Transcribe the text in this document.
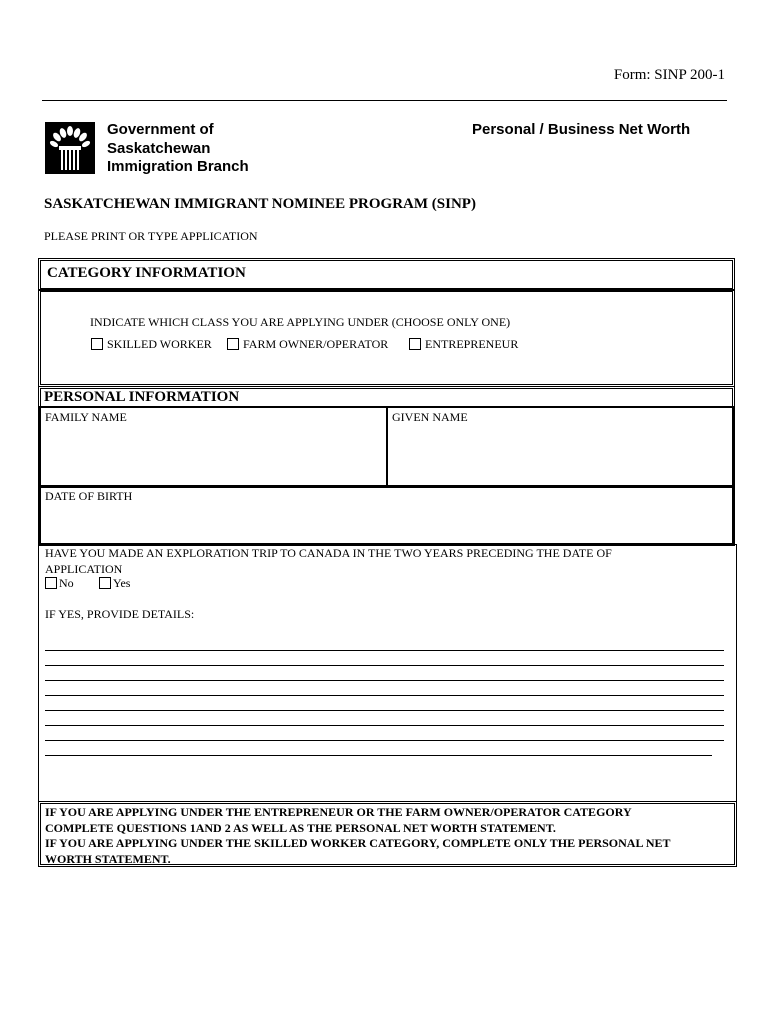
Form: SINP 200-1
Government of
Saskatchewan
Immigration Branch
Personal / Business Net Worth
SASKATCHEWAN IMMIGRANT NOMINEE PROGRAM (SINP)
PLEASE PRINT OR TYPE APPLICATION
CATEGORY INFORMATION
INDICATE WHICH CLASS YOU ARE APPLYING UNDER (CHOOSE ONLY ONE)
SKILLED WORKER	FARM OWNER/OPERATOR	ENTREPRENEUR
PERSONAL INFORMATION
FAMILY NAME	GIVEN NAME
DATE OF BIRTH
HAVE YOU MADE AN EXPLORATION TRIP TO CANADA IN THE TWO YEARS PRECEDING THE DATE OF APPLICATION
No	Yes
IF YES, PROVIDE DETAILS:
IF YOU ARE APPLYING UNDER THE ENTREPRENEUR OR THE FARM OWNER/OPERATOR CATEGORY
COMPLETE QUESTIONS 1AND 2 AS WELL AS THE PERSONAL NET WORTH STATEMENT.
IF YOU ARE APPLYING UNDER THE SKILLED WORKER CATEGORY, COMPLETE ONLY THE PERSONAL NET
WORTH STATEMENT.
